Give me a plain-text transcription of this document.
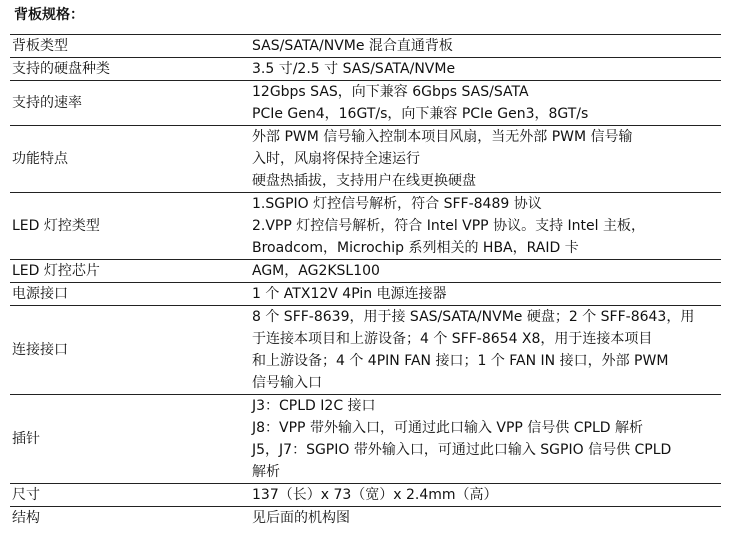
背板规格：
背板类型	SAS/SATA/NVMe 混合直通背板

支持的硬盘种类	3.5 寸/2.5 寸 SAS/SATA/NVMe

支持的速率	12Gbps SAS，向下兼容 6Gbps SAS/SATA
PCIe Gen4，16GT/s，向下兼容 PCIe Gen3，8GT/s

功能特点	外部 PWM 信号输入控制本项目风扇，当无外部 PWM 信号输
入时，风扇将保持全速运行
硬盘热插拔，支持用户在线更换硬盘

LED 灯控类型	1.SGPIO 灯控信号解析，符合 SFF-8489 协议
2.VPP 灯控信号解析，符合 Intel VPP 协议。支持 Intel 主板，
Broadcom，Microchip 系列相关的 HBA，RAID 卡

LED 灯控芯片	AGM，AG2KSL100

电源接口	1 个 ATX12V 4Pin 电源连接器

连接接口	8 个 SFF-8639，用于接 SAS/SATA/NVMe 硬盘；2 个 SFF-8643，用
于连接本项目和上游设备；4 个 SFF-8654 X8，用于连接本项目
和上游设备；4 个 4PIN FAN 接口；1 个 FAN IN 接口，外部 PWM
信号输入口

插针	J3：CPLD I2C 接口
J8：VPP 带外输入口，可通过此口输入 VPP 信号供 CPLD 解析
J5，J7：SGPIO 带外输入口，可通过此口输入 SGPIO 信号供 CPLD
解析

尺寸	137（长）x 73（宽）x 2.4mm（高）

结构	见后面的机构图
